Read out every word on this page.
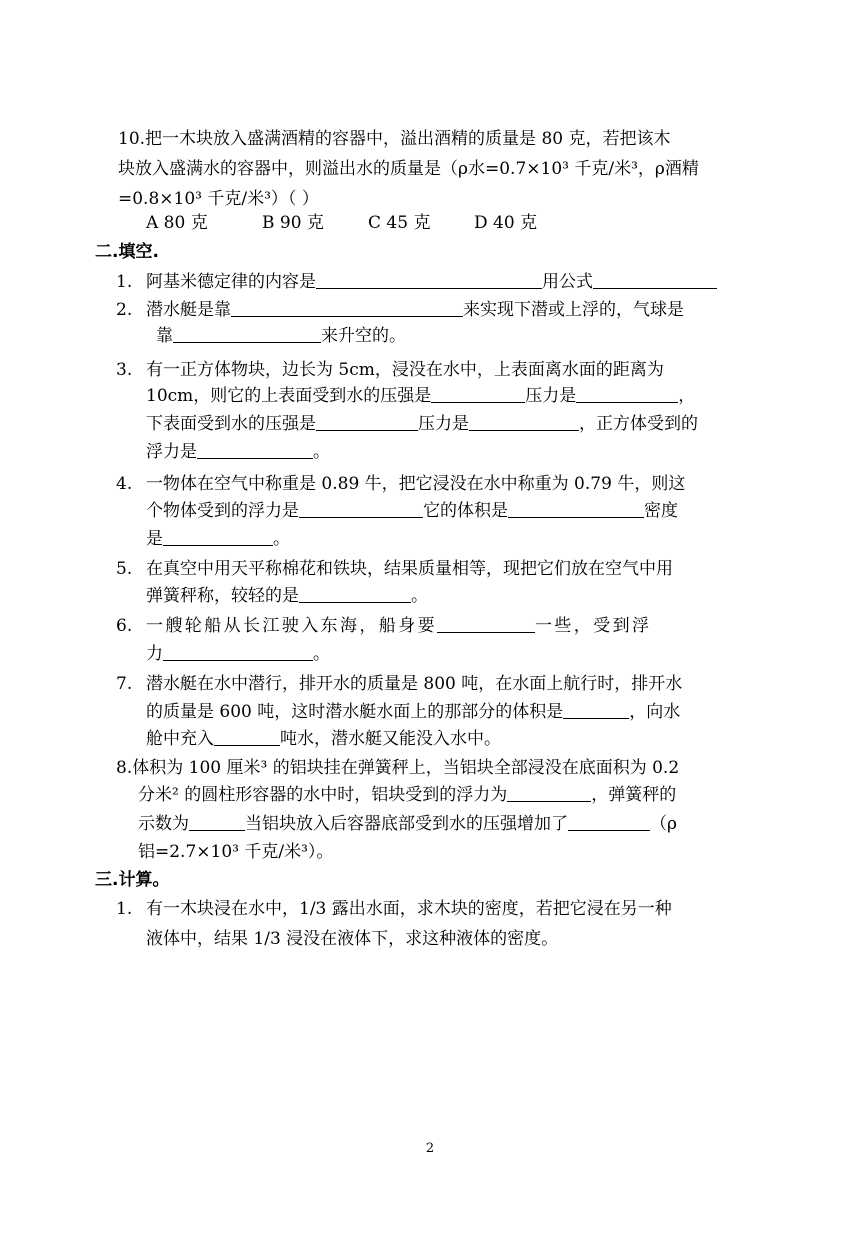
10.把一木块放入盛满酒精的容器中，溢出酒精的质量是 80 克，若把该木
块放入盛满水的容器中，则溢出水的质量是（ρ水=0.7×10³ 千克/米³，ρ酒精
=0.8×10³ 千克/米³）（ ）
A 80 克	B 90 克	C 45 克	D 40 克
二.填空.
1. 阿基米德定律的内容是	用公式
2. 潜水艇是靠	来实现下潜或上浮的，气球是
靠	来升空的。
3. 有一正方体物块，边长为 5cm，浸没在水中，上表面离水面的距离为
10cm，则它的上表面受到水的压强是	压力是	，
下表面受到水的压强是	压力是	，正方体受到的
浮力是	。
4. 一物体在空气中称重是 0.89 牛，把它浸没在水中称重为 0.79 牛，则这
个物体受到的浮力是	它的体积是	密度
是	。
5. 在真空中用天平称棉花和铁块，结果质量相等，现把它们放在空气中用
弹簧秤称，较轻的是	。
6. 一艘轮船从长江驶入东海，船身要	一些，受到浮
力	。
7. 潜水艇在水中潜行，排开水的质量是 800 吨，在水面上航行时，排开水
的质量是 600 吨，这时潜水艇水面上的那部分的体积是	，向水
舱中充入	吨水，潜水艇又能没入水中。
8.体积为 100 厘米³ 的铝块挂在弹簧秤上，当铝块全部浸没在底面积为 0.2
分米² 的圆柱形容器的水中时，铝块受到的浮力为	，弹簧秤的
示数为	当铝块放入后容器底部受到水的压强增加了	（ρ
铝=2.7×10³ 千克/米³）。
三.计算。
1. 有一木块浸在水中，1/3 露出水面，求木块的密度，若把它浸在另一种
液体中，结果 1/3 浸没在液体下，求这种液体的密度。
2
